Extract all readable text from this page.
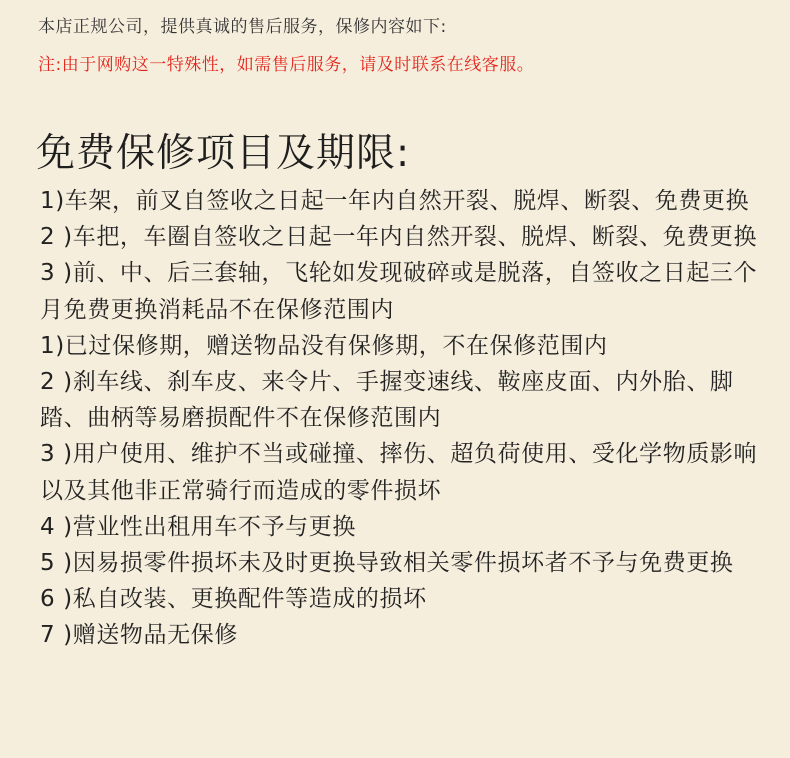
本店正规公司，提供真诚的售后服务，保修内容如下:
注:由于网购这一特殊性，如需售后服务，请及时联系在线客服。
免费保修项目及期限:
1)车架，前叉自签收之日起一年内自然开裂、脱焊、断裂、免费更换
2 )车把，车圈自签收之日起一年内自然开裂、脱焊、断裂、免费更换
3 )前、中、后三套轴，飞轮如发现破碎或是脱落，自签收之日起三个月免费更换消耗品不在保修范围内
1)已过保修期，赠送物品没有保修期，不在保修范围内
2 )刹车线、刹车皮、来令片、手握变速线、鞍座皮面、内外胎、脚踏、曲柄等易磨损配件不在保修范围内
3 )用户使用、维护不当或碰撞、摔伤、超负荷使用、受化学物质影响以及其他非正常骑行而造成的零件损坏
4 )营业性出租用车不予与更换
5 )因易损零件损坏未及时更换导致相关零件损坏者不予与免费更换
6 )私自改装、更换配件等造成的损坏
7 )赠送物品无保修
